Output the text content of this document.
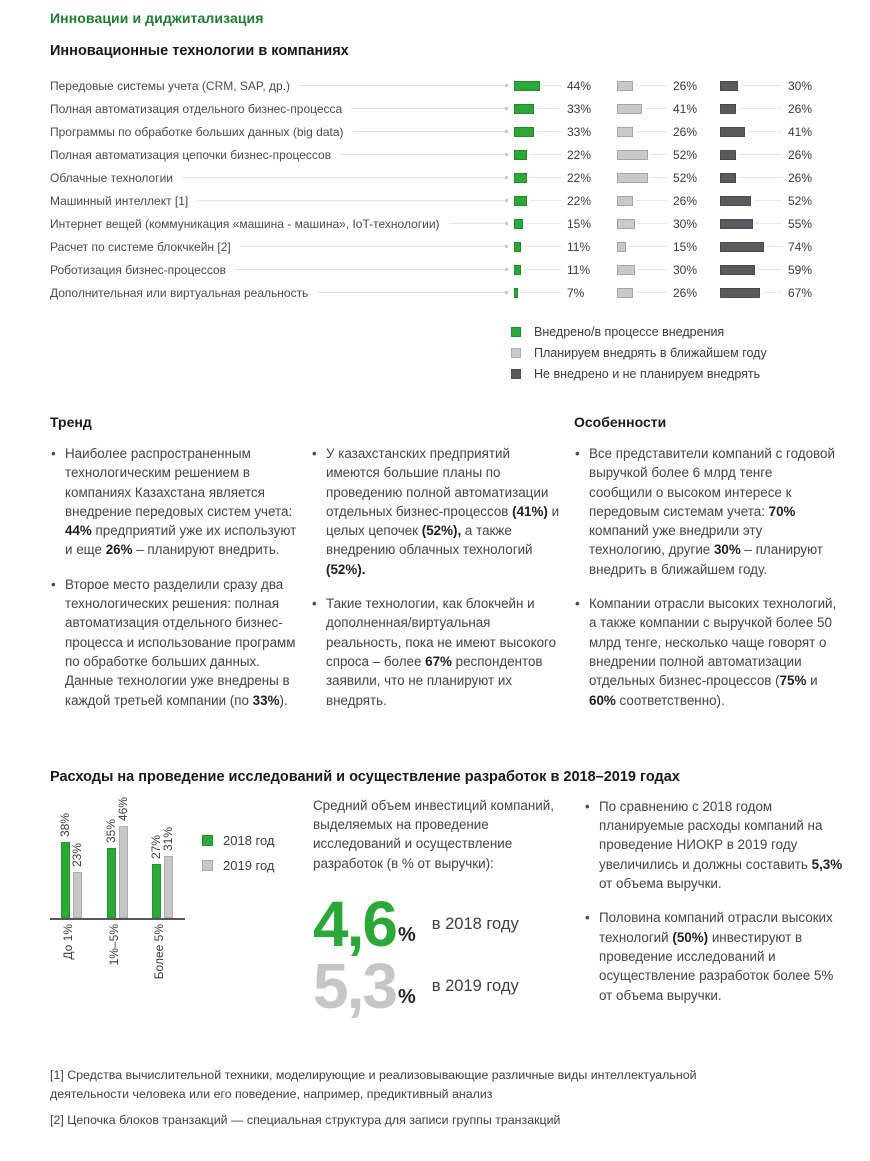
Инновации и диджитализация
Инновационные технологии в компаниях
Передовые системы учета (CRM, SAP, др.)	44%	26%	30%
Полная автоматизация отдельного бизнес-процесса	33%	41%	26%
Программы по обработке больших данных (big data)	33%	26%	41%
Полная автоматизация цепочки бизнес-процессов	22%	52%	26%
Облачные технологии	22%	52%	26%
Машинный интеллект [1]	22%	26%	52%
Интернет вещей (коммуникация «машина - машина», IoT-технологии)	15%	30%	55%
Расчет по системе блокчкейн [2]	11%	15%	74%
Роботизация бизнес-процессов	11%	30%	59%
Дополнительная или виртуальная реальность	7%	26%	67%
Внедрено/в процессе внедрения
Планируем внедрять в ближайшем году
Не внедрено и не планируем внедрять
Тренд
• Наиболее распространенным технологическим решением в компаниях Казахстана является внедрение передовых систем учета: 44% предприятий уже их используют и еще 26% – планируют внедрить.
• Второе место разделили сразу два технологических решения: полная автоматизация отдельного бизнес-процесса и использование программ по обработке больших данных. Данные технологии уже внедрены в каждой третьей компании (по 33%).
• У казахстанских предприятий имеются большие планы по проведению полной автоматизации отдельных бизнес-процессов (41%) и целых цепочек (52%), а также внедрению облачных технологий (52%).
• Такие технологии, как блокчейн и дополненная/виртуальная реальность, пока не имеют высокого спроса – более 67% респондентов заявили, что не планируют их внедрять.
Особенности
• Все представители компаний с годовой выручкой более 6 млрд тенге сообщили о высоком интересе к передовым системам учета: 70% компаний уже внедрили эту технологию, другие 30% – планируют внедрить в ближайшем году.
• Компании отрасли высоких технологий, а также компании с выручкой более 50 млрд тенге, несколько чаще говорят о внедрении полной автоматизации отдельных бизнес-процессов (75% и 60% соответственно).
Расходы на проведение исследований и осуществление разработок в 2018–2019 годах
2018 год
2019 год
38%
23%
До 1%
35%
46%
1%–5%
27%
31%
Более 5%
Средний объем инвестиций компаний, выделяемых на проведение исследований и осуществление разработок (в % от выручки):
4,6 % в 2018 году
5,3 % в 2019 году
• По сравнению с 2018 годом планируемые расходы компаний на проведение НИОКР в 2019 году увеличились и должны составить 5,3% от объема выручки.
• Половина компаний отрасли высоких технологий (50%) инвестируют в проведение исследований и осуществление разработок более 5% от объема выручки.
[1] Средства вычислительной техники, моделирующие и реализовывающие различные виды интеллектуальной деятельности человека или его поведение, например, предиктивный анализ
[2] Цепочка блоков транзакций — специальная структура для записи группы транзакций
